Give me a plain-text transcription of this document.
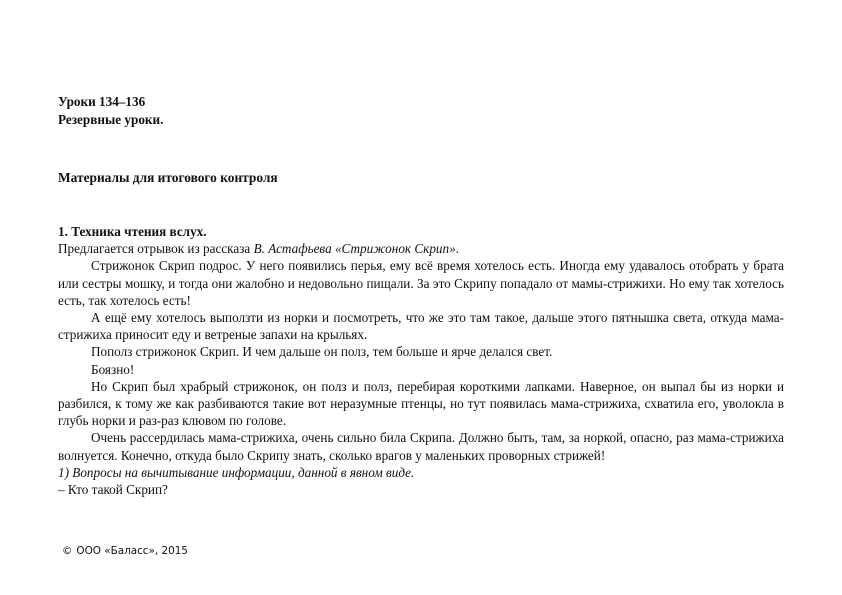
Уроки 134–136
Резервные уроки.
Материалы для итогового контроля

1. Техника чтения вслух.

Предлагается отрывок из рассказа В. Астафьева «Стрижонок Скрип».

Стрижонок Скрип подрос. У него появились перья, ему всё время хотелось есть. Иногда ему удавалось отобрать у брата или сестры мошку, и тогда они жалобно и недовольно пищали. За это Скрипу попадало от мамы-стрижихи. Но ему так хотелось есть, так хотелось есть!

А ещё ему хотелось выползти из норки и посмотреть, что же это там такое, дальше этого пятнышка света, откуда мама-стрижиха приносит еду и ветреные запахи на крыльях.

Пополз стрижонок Скрип. И чем дальше он полз, тем больше и ярче делался свет.

Боязно!

Но Скрип был храбрый стрижонок, он полз и полз, перебирая короткими лапками. Наверное, он выпал бы из норки и разбился, к тому же как разбиваются такие вот неразумные птенцы, но тут появилась мама-стрижиха, схватила его, уволокла в глубь норки и раз-раз клювом по голове.

Очень рассердилась мама-стрижиха, очень сильно била Скрипа. Должно быть, там, за норкой, опасно, раз мама-стрижиха волнуется. Конечно, откуда было Скрипу знать, сколько врагов у маленьких проворных стрижей!

1) Вопросы на вычитывание информации, данной в явном виде.

– Кто такой Скрип?

© ООО «Баласс», 2015
